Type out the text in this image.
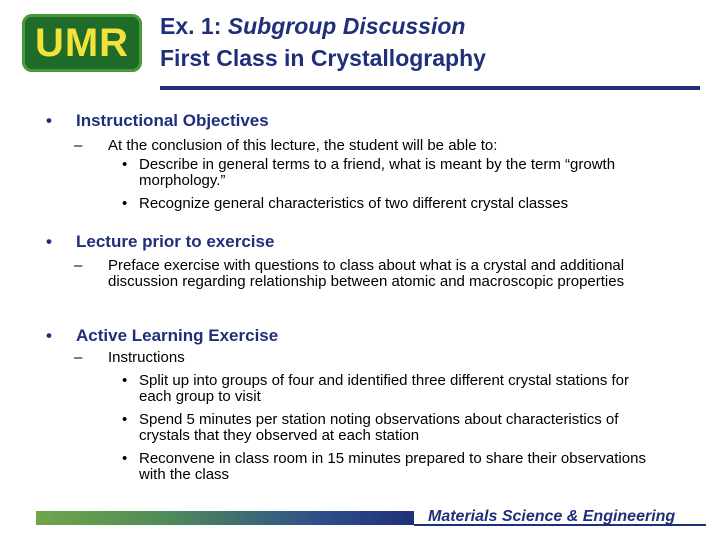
UMR Ex. 1: Subgroup Discussion
First Class in Crystallography
• Instructional Objectives
– At the conclusion of this lecture, the student will be able to:
• Describe in general terms to a friend, what is meant by the term “growth morphology.”
• Recognize general characteristics of two different crystal classes
• Lecture prior to exercise
– Preface exercise with questions to class about what is a crystal and additional discussion regarding relationship between atomic and macroscopic properties
• Active Learning Exercise
– Instructions
• Split up into groups of four and identified three different crystal stations for each group to visit
• Spend 5 minutes per station noting observations about characteristics of crystals that they observed at each station
• Reconvene in class room in 15 minutes prepared to share their observations with the class
Materials Science & Engineering
